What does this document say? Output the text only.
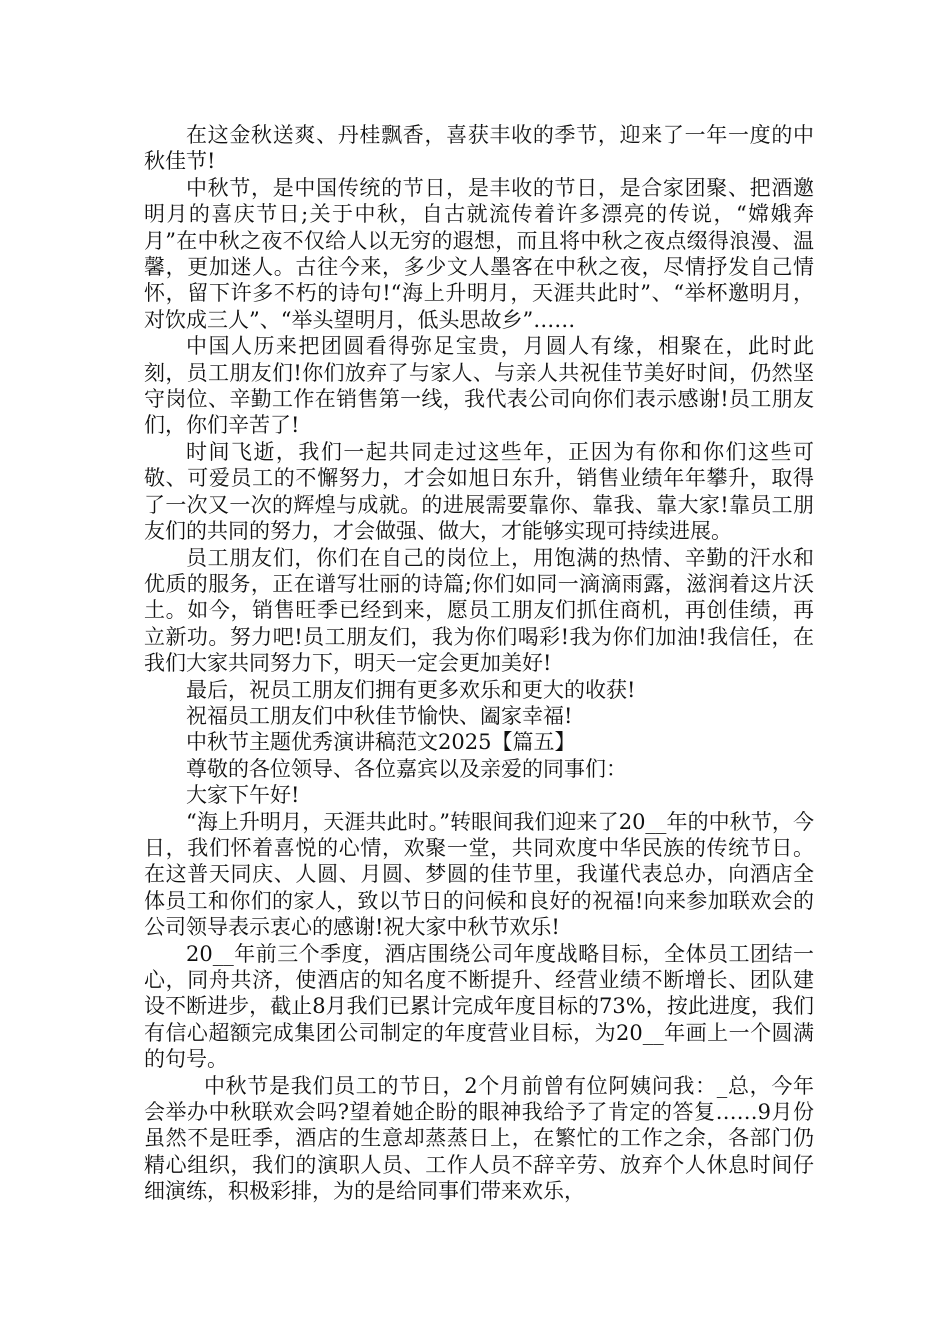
在这金秋送爽、丹桂飘香，喜获丰收的季节，迎来了一年一度的中秋佳节!

中秋节，是中国传统的节日，是丰收的节日，是合家团聚、把酒邀明月的喜庆节日;关于中秋，自古就流传着许多漂亮的传说，“嫦娥奔月”在中秋之夜不仅给人以无穷的遐想，而且将中秋之夜点缀得浪漫、温馨，更加迷人。古往今来，多少文人墨客在中秋之夜，尽情抒发自己情怀，留下许多不朽的诗句!“海上升明月，天涯共此时”、“举杯邀明月，对饮成三人”、“举头望明月，低头思故乡”……

中国人历来把团圆看得弥足宝贵，月圆人有缘，相聚在，此时此刻，员工朋友们!你们放弃了与家人、与亲人共祝佳节美好时间，仍然坚守岗位、辛勤工作在销售第一线，我代表公司向你们表示感谢!员工朋友们，你们辛苦了!

时间飞逝，我们一起共同走过这些年，正因为有你和你们这些可敬、可爱员工的不懈努力，才会如旭日东升，销售业绩年年攀升，取得了一次又一次的辉煌与成就。的进展需要靠你、靠我、靠大家!靠员工朋友们的共同的努力，才会做强、做大，才能够实现可持续进展。

员工朋友们，你们在自己的岗位上，用饱满的热情、辛勤的汗水和优质的服务，正在谱写壮丽的诗篇;你们如同一滴滴雨露，滋润着这片沃土。如今，销售旺季已经到来，愿员工朋友们抓住商机，再创佳绩，再立新功。努力吧!员工朋友们，我为你们喝彩!我为你们加油!我信任，在我们大家共同努力下，明天一定会更加美好!

最后，祝员工朋友们拥有更多欢乐和更大的收获!

祝福员工朋友们中秋佳节愉快、阖家幸福!

中秋节主题优秀演讲稿范文2025【篇五】

尊敬的各位领导、各位嘉宾以及亲爱的同事们：

大家下午好!

“海上升明月，天涯共此时。”转眼间我们迎来了20__年的中秋节，今日，我们怀着喜悦的心情，欢聚一堂，共同欢度中华民族的传统节日。在这普天同庆、人圆、月圆、梦圆的佳节里，我谨代表总办，向酒店全体员工和你们的家人，致以节日的问候和良好的祝福!向来参加联欢会的公司领导表示衷心的感谢!祝大家中秋节欢乐!

20__年前三个季度，酒店围绕公司年度战略目标，全体员工团结一心，同舟共济，使酒店的知名度不断提升、经营业绩不断增长、团队建设不断进步，截止8月我们已累计完成年度目标的73%，按此进度，我们有信心超额完成集团公司制定的年度营业目标，为20__年画上一个圆满的句号。

中秋节是我们员工的节日，2个月前曾有位阿姨问我：_总，今年会举办中秋联欢会吗?望着她企盼的眼神我给予了肯定的答复……9月份虽然不是旺季，酒店的生意却蒸蒸日上，在繁忙的工作之余，各部门仍精心组织，我们的演职人员、工作人员不辞辛劳、放弃个人休息时间仔细演练，积极彩排，为的是给同事们带来欢乐，
